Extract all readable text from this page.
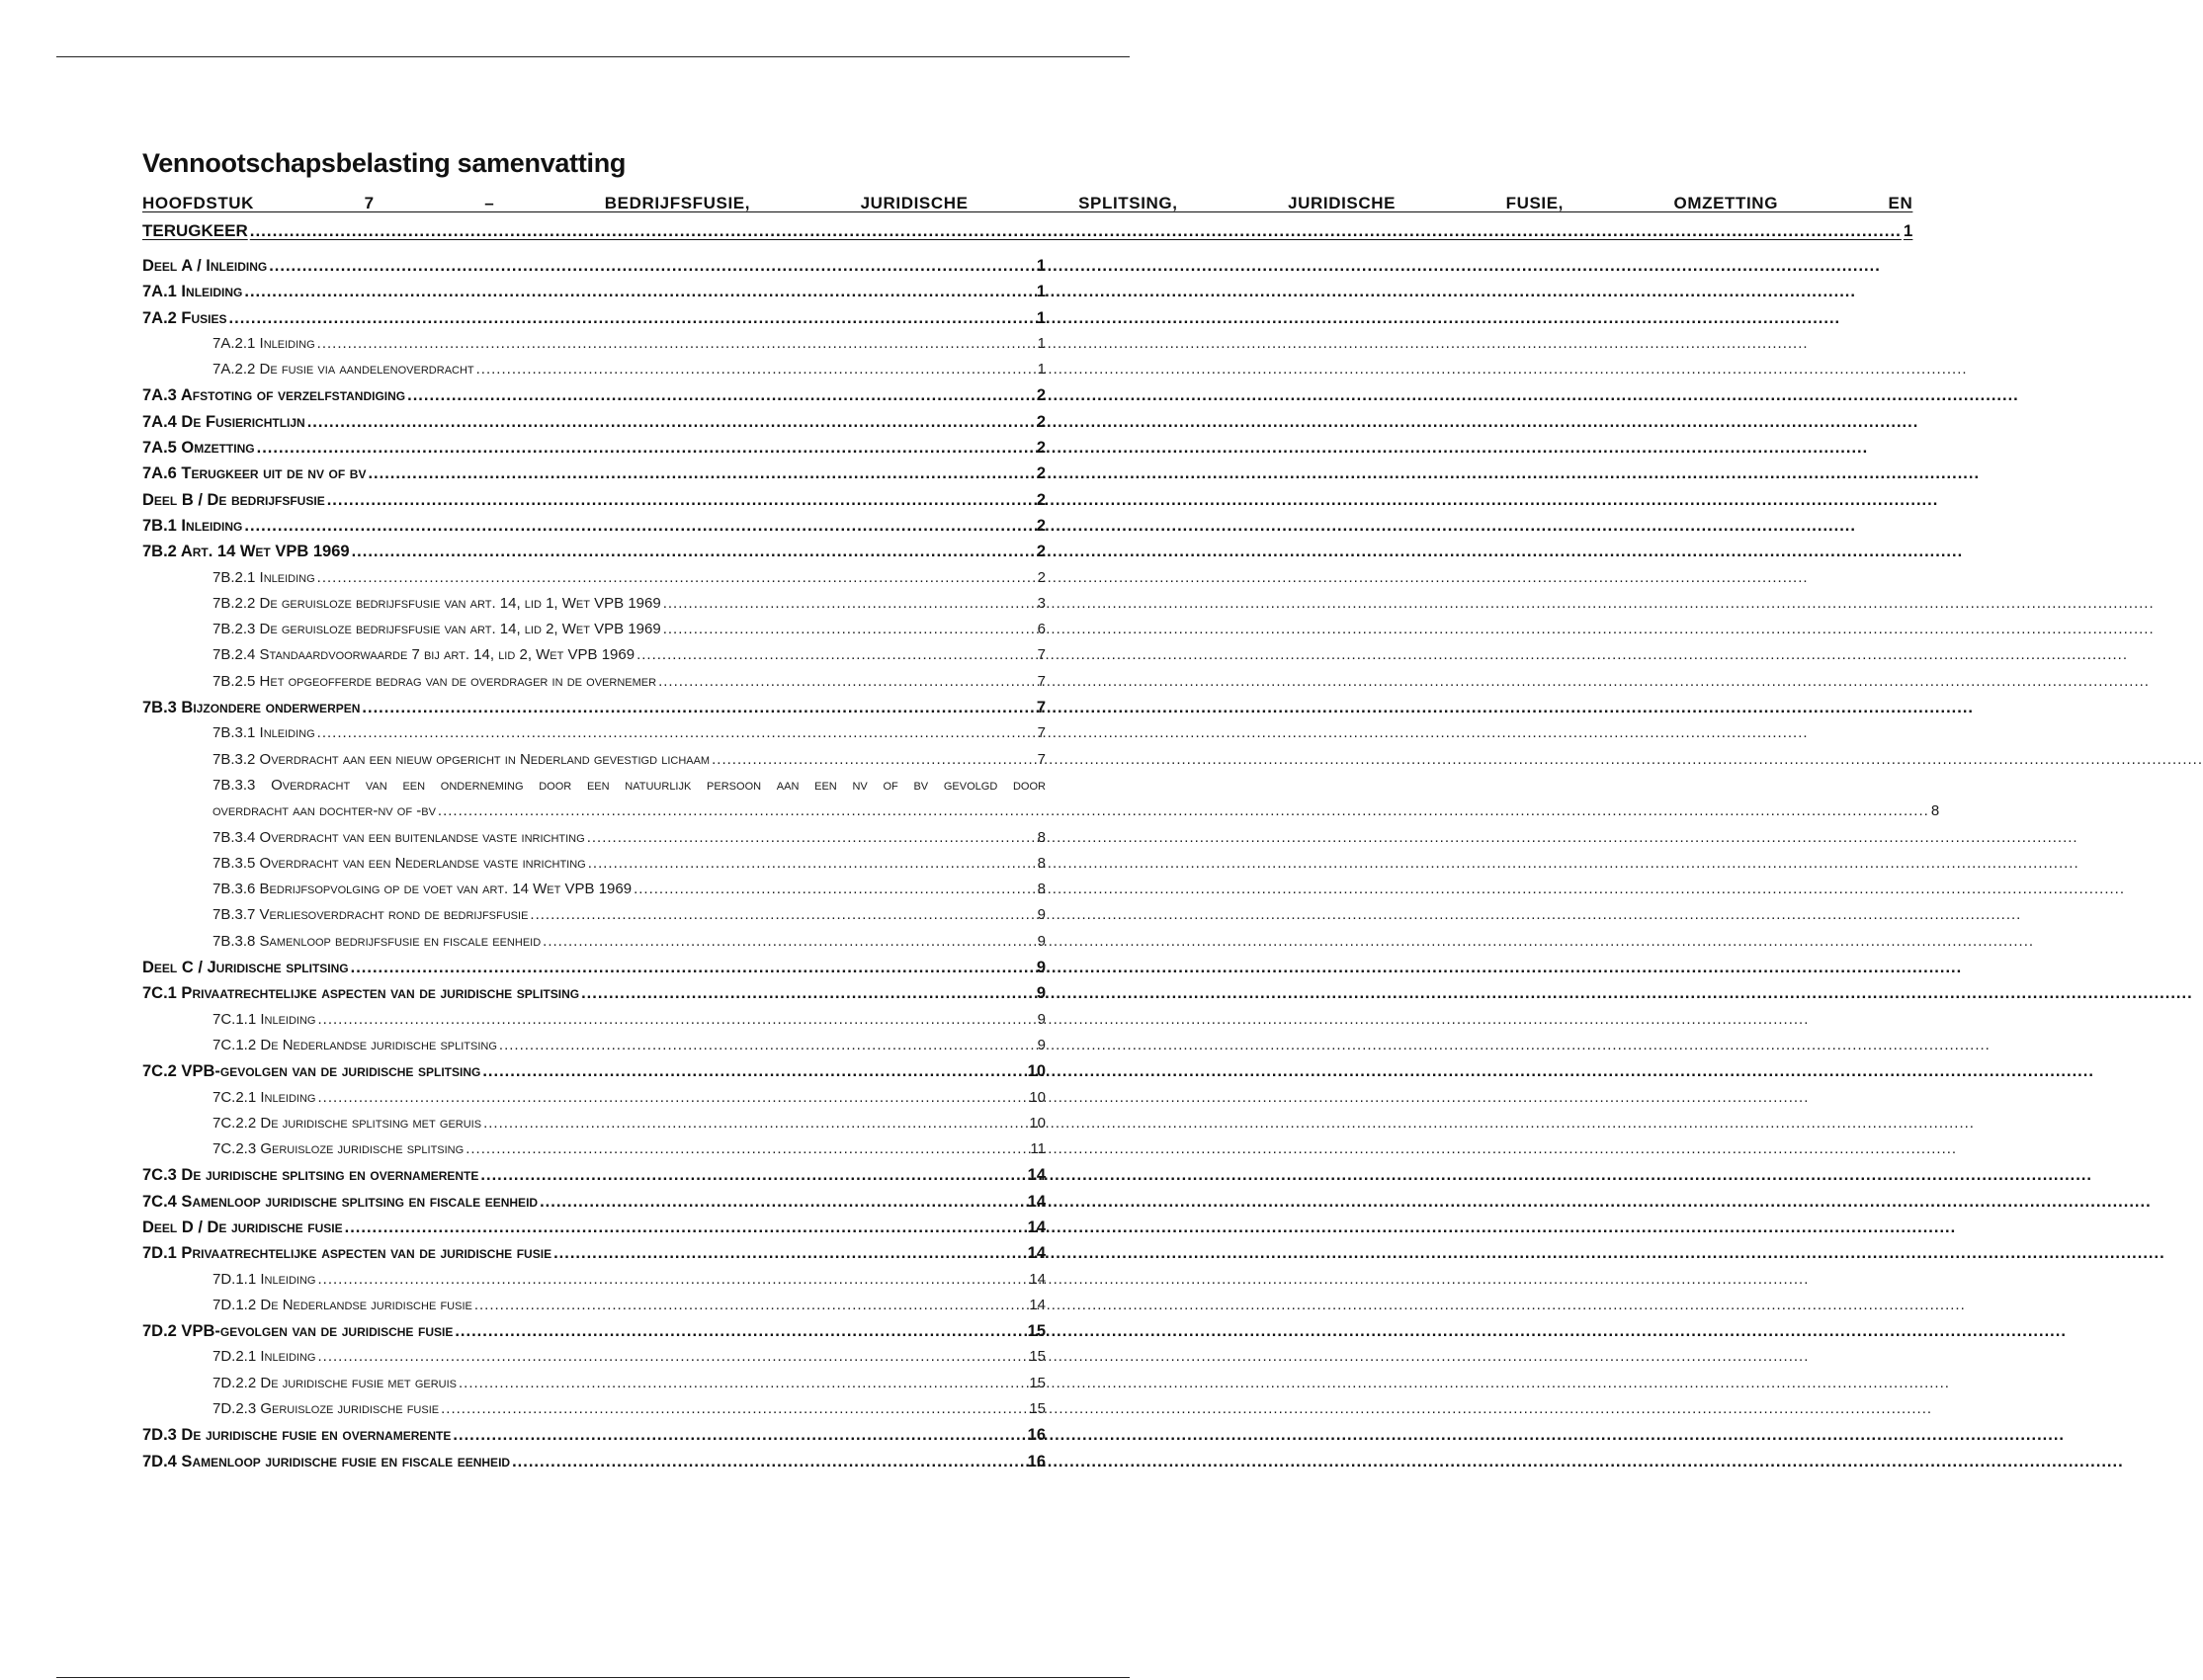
Vennootschapsbelasting samenvatting
HOOFDSTUK 7 – BEDRIJFSFUSIE, JURIDISCHE SPLITSING, JURIDISCHE FUSIE, OMZETTING EN
TERUGKEER .....	1
Deel A / Inleiding .....	1
7A.1 Inleiding .....	1
7A.2 Fusies .....	1
7A.2.1 Inleiding .....	1
7A.2.2 De fusie via aandelenoverdracht .....	1
7A.3 Afstoting of verzelfstandiging .....	2
7A.4 De Fusierichtlijn .....	2
7A.5 Omzetting .....	2
7A.6 Terugkeer uit de nv of bv .....	2
Deel B / De bedrijfsfusie .....	2
7B.1 Inleiding .....	2
7B.2 Art. 14 Wet VPB 1969 .....	2
7B.2.1 Inleiding .....	2
7B.2.2 De geruisloze bedrijfsfusie van art. 14, lid 1, Wet VPB 1969 .....	3
7B.2.3 De geruisloze bedrijfsfusie van art. 14, lid 2, Wet VPB 1969 .....	6
7B.2.4 Standaardvoorwaarde 7 bij art. 14, lid 2, Wet VPB 1969 .....	7
7B.2.5 Het opgeofferde bedrag van de overdrager in de overnemer .....	7
7B.3 Bijzondere onderwerpen .....	7
7B.3.1 Inleiding .....	7
7B.3.2 Overdracht aan een nieuw opgericht in Nederland gevestigd lichaam .....	7
7B.3.3 Overdracht van een onderneming door een natuurlijk persoon aan een nv of bv gevolgd door
overdracht aan dochter-nv of -bv .....	8
7B.3.4 Overdracht van een buitenlandse vaste inrichting .....	8
7B.3.5 Overdracht van een Nederlandse vaste inrichting .....	8
7B.3.6 Bedrijfsopvolging op de voet van art. 14 Wet VPB 1969 .....	8
7B.3.7 Verliesoverdracht rond de bedrijfsfusie .....	9
7B.3.8 Samenloop bedrijfsfusie en fiscale eenheid .....	9
Deel C / Juridische splitsing .....	9
7C.1 Privaatrechtelijke aspecten van de juridische splitsing .....	9
7C.1.1 Inleiding .....	9
7C.1.2 De Nederlandse juridische splitsing .....	9
7C.2 VPB-gevolgen van de juridische splitsing .....	10
7C.2.1 Inleiding .....	10
7C.2.2 De juridische splitsing met geruis .....	10
7C.2.3 Geruisloze juridische splitsing .....	11
7C.3 De juridische splitsing en overnamerente .....	14
7C.4 Samenloop juridische splitsing en fiscale eenheid .....	14
Deel D / De juridische fusie .....	14
7D.1 Privaatrechtelijke aspecten van de juridische fusie .....	14
7D.1.1 Inleiding .....	14
7D.1.2 De Nederlandse juridische fusie .....	14
7D.2 VPB-gevolgen van de juridische fusie .....	15
7D.2.1 Inleiding .....	15
7D.2.2 De juridische fusie met geruis .....	15
7D.2.3 Geruisloze juridische fusie .....	15
7D.3 De juridische fusie en overnamerente .....	16
7D.4 Samenloop juridische fusie en fiscale eenheid .....	16
